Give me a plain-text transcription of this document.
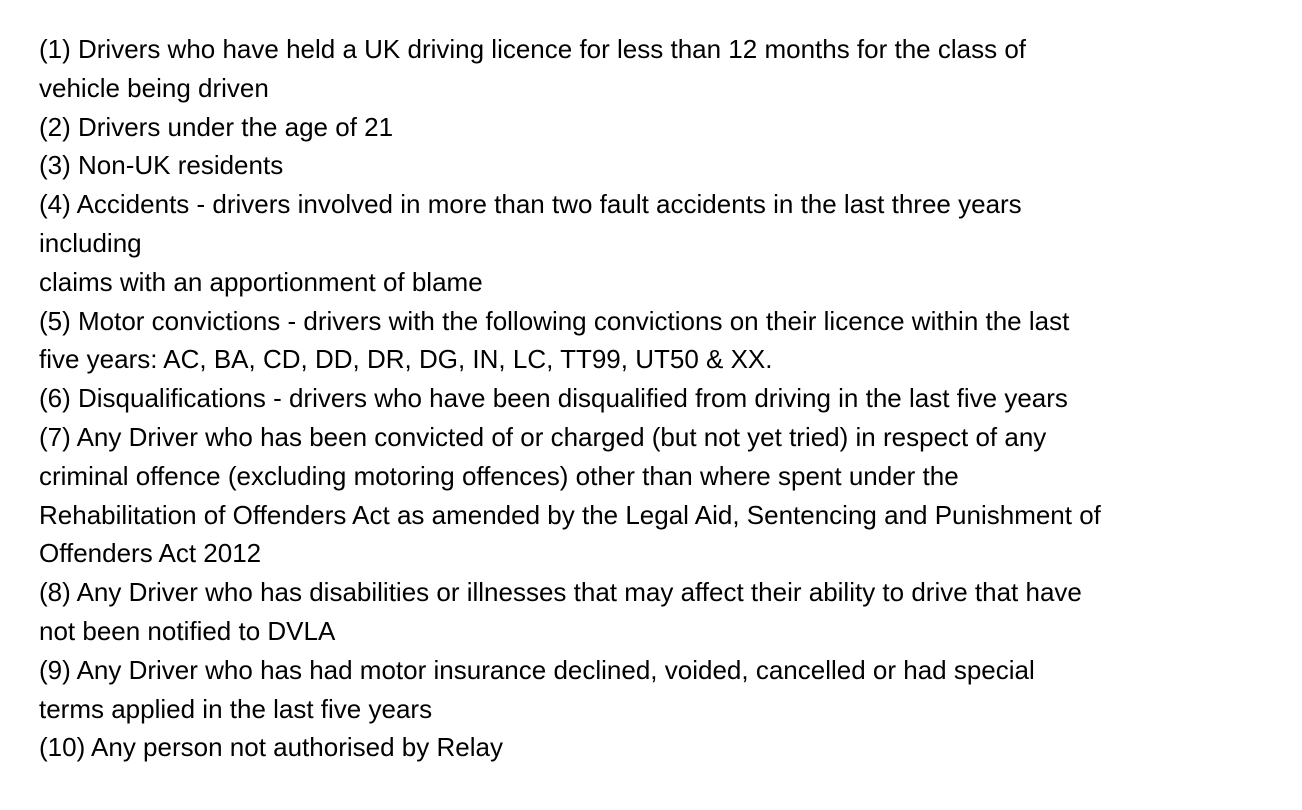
(1) Drivers who have held a UK driving licence for less than 12 months for the class of
vehicle being driven
(2) Drivers under the age of 21
(3) Non-UK residents
(4) Accidents - drivers involved in more than two fault accidents in the last three years
including
claims with an apportionment of blame
(5) Motor convictions - drivers with the following convictions on their licence within the last
five years: AC, BA, CD, DD, DR, DG, IN, LC, TT99, UT50 & XX.
(6) Disqualifications - drivers who have been disqualified from driving in the last five years
(7) Any Driver who has been convicted of or charged (but not yet tried) in respect of any
criminal offence (excluding motoring offences) other than where spent under the
Rehabilitation of Offenders Act as amended by the Legal Aid, Sentencing and Punishment of
Offenders Act 2012
(8) Any Driver who has disabilities or illnesses that may affect their ability to drive that have
not been notified to DVLA
(9) Any Driver who has had motor insurance declined, voided, cancelled or had special
terms applied in the last five years
(10) Any person not authorised by Relay
